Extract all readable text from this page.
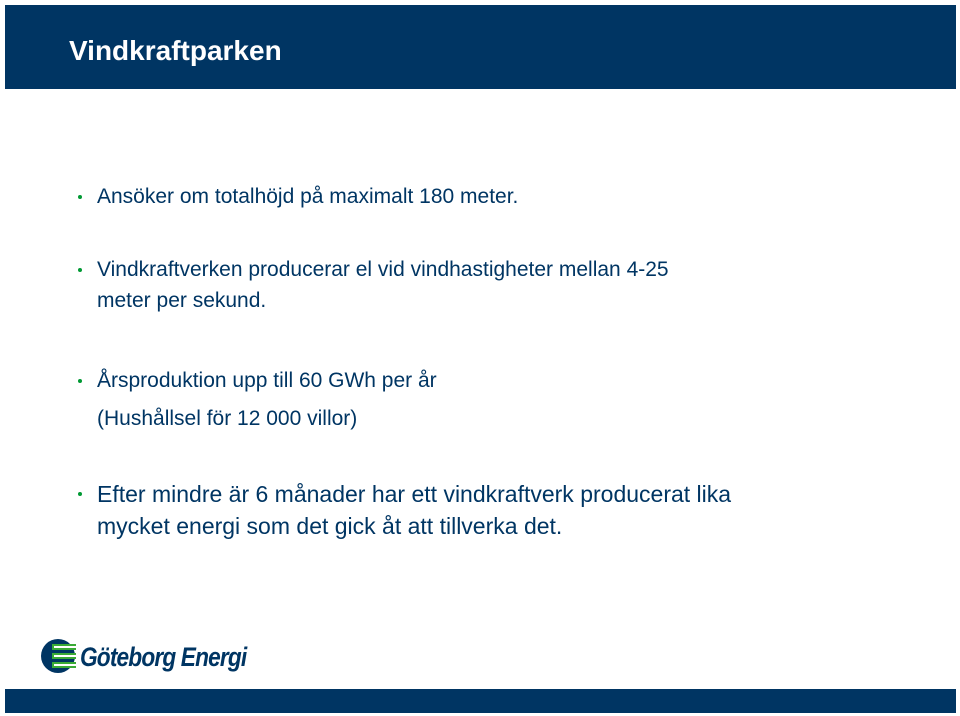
Vindkraftparken
Ansöker om totalhöjd på maximalt 180 meter.
Vindkraftverken producerar el vid vindhastigheter mellan 4-25
meter per sekund.
Årsproduktion upp till 60 GWh per år
(Hushållsel för 12 000 villor)
Efter mindre är 6 månader har ett vindkraftverk producerat lika
mycket energi som det gick åt att tillverka det.
Göteborg Energi
